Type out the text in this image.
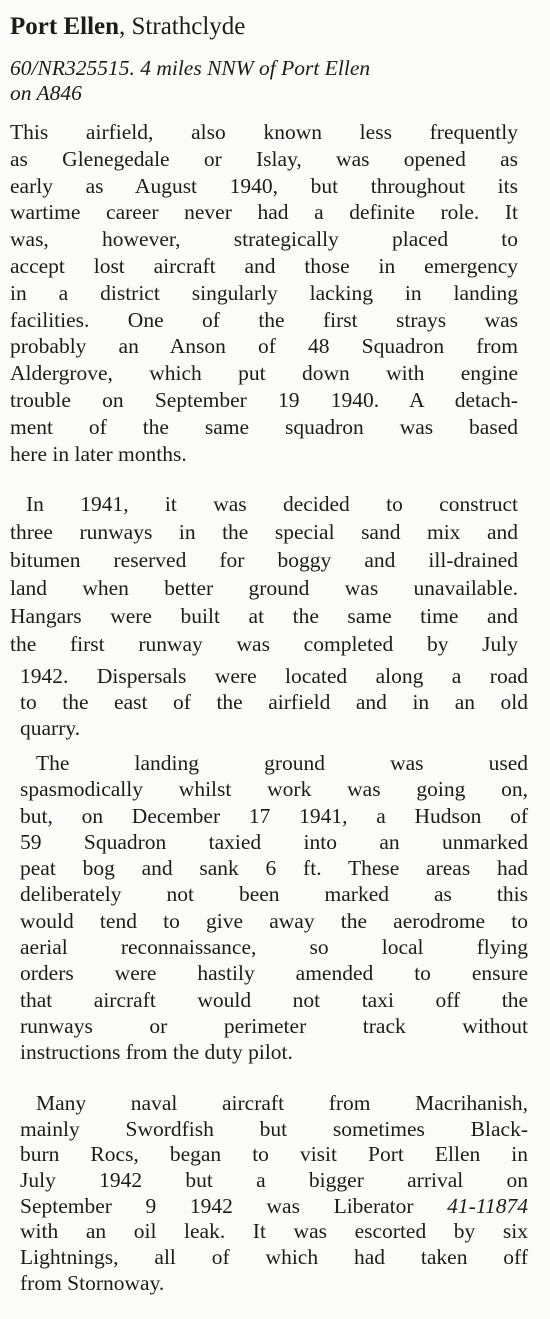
Port Ellen, Strathclyde
60/NR325515. 4 miles NNW of Port Ellen
on A846
This airfield, also known less frequently
as Glenegedale or Islay, was opened as
early as August 1940, but throughout its
wartime career never had a definite role. It
was, however, strategically placed to
accept lost aircraft and those in emergency
in a district singularly lacking in landing
facilities. One of the first strays was
probably an Anson of 48 Squadron from
Aldergrove, which put down with engine
trouble on September 19 1940. A detach-
ment of the same squadron was based
here in later months.
In 1941, it was decided to construct
three runways in the special sand mix and
bitumen reserved for boggy and ill-drained
land when better ground was unavailable.
Hangars were built at the same time and
the first runway was completed by July
1942. Dispersals were located along a road
to the east of the airfield and in an old
quarry.
The landing ground was used
spasmodically whilst work was going on,
but, on December 17 1941, a Hudson of
59 Squadron taxied into an unmarked
peat bog and sank 6 ft. These areas had
deliberately not been marked as this
would tend to give away the aerodrome to
aerial reconnaissance, so local flying
orders were hastily amended to ensure
that aircraft would not taxi off the
runways or perimeter track without
instructions from the duty pilot.
Many naval aircraft from Macrihanish,
mainly Swordfish but sometimes Black-
burn Rocs, began to visit Port Ellen in
July 1942 but a bigger arrival on
September 9 1942 was Liberator 41-11874
with an oil leak. It was escorted by six
Lightnings, all of which had taken off
from Stornoway.
